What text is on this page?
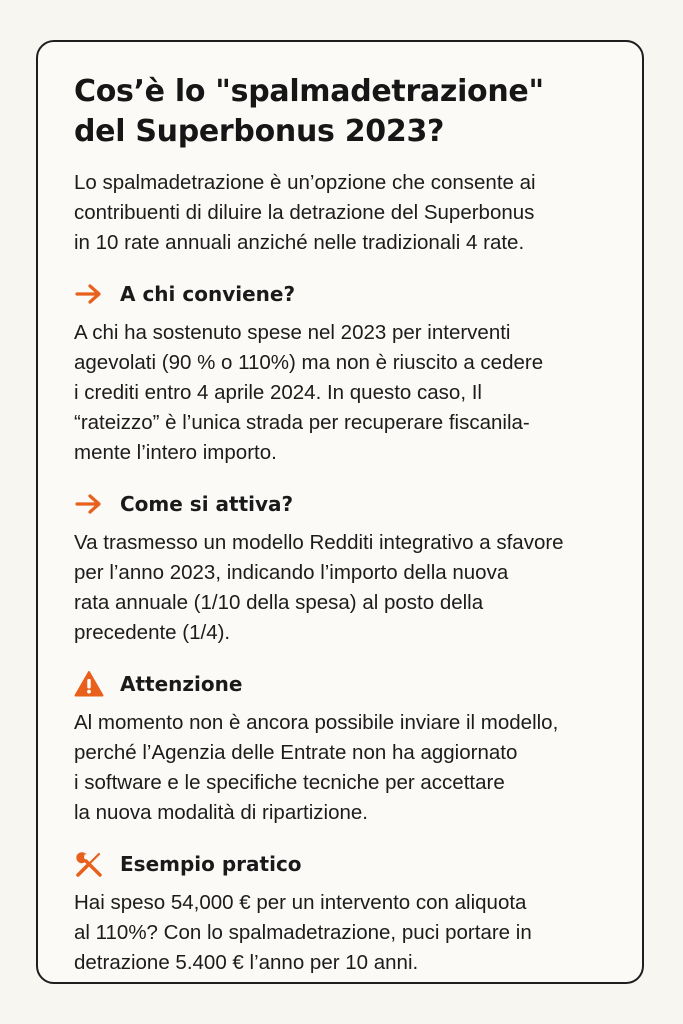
Cos’è lo "spalmadetrazione"
del Superbonus 2023?

Lo spalmadetrazione è un’opzione che consente ai
contribuenti di diluire la detrazione del Superbonus
in 10 rate annuali anziché nelle tradizionali 4 rate.

A chi conviene?

A chi ha sostenuto spese nel 2023 per interventi
agevolati (90 % o 110%) ma non è riuscito a cedere
i crediti entro 4 aprile 2024. In questo caso, Il
“rateizzo” è l’unica strada per recuperare fiscanila-
mente l’intero importo.

Come si attiva?

Va trasmesso un modello Redditi integrativo a sfavore
per l’anno 2023, indicando l’importo della nuova
rata annuale (1/10 della spesa) al posto della
precedente (1/4).

Attenzione

Al momento non è ancora possibile inviare il modello,
perché l’Agenzia delle Entrate non ha aggiornato
i software e le specifiche tecniche per accettare
la nuova modalità di ripartizione.

Esempio pratico

Hai speso 54,000 € per un intervento con aliquota
al 110%? Con lo spalmadetrazione, puci portare in
detrazione 5.400 € l’anno per 10 anni.
